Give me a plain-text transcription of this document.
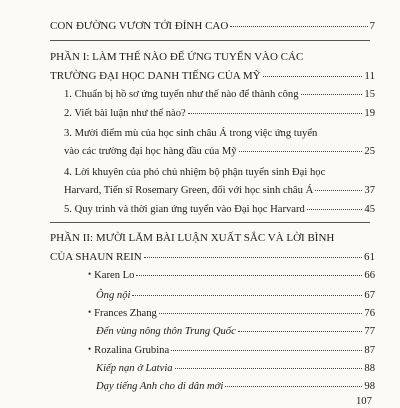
CON ĐƯỜNG VƯƠN TỚI ĐỈNH CAO	7
PHẦN I: LÀM THẾ NÀO ĐỂ ỨNG TUYỂN VÀO CÁC
TRƯỜNG ĐẠI HỌC DANH TIẾNG CỦA MỸ	11
1. Chuẩn bị hồ sơ ứng tuyển như thế nào để thành công	15
2. Viết bài luận như thế nào?	19
3. Mười điểm mù của học sinh châu Á trong việc ứng tuyển
vào các trường đại học hàng đầu của Mỹ	25
4. Lời khuyên của phó chủ nhiệm bộ phận tuyển sinh Đại học
Harvard, Tiến sĩ Rosemary Green, đối với học sinh châu Á	37
5. Quy trình và thời gian ứng tuyển vào Đại học Harvard	45
PHẦN II: MƯỜI LĂM BÀI LUẬN XUẤT SẮC VÀ LỜI BÌNH
CỦA SHAUN REIN	61
• Karen Lo	66
Ông nội	67
• Frances Zhang	76
Đến vùng nông thôn Trung Quốc	77
• Rozalina Grubina	87
Kiếp nạn ở Latvia	88
Dạy tiếng Anh cho di dân mới	98
107
